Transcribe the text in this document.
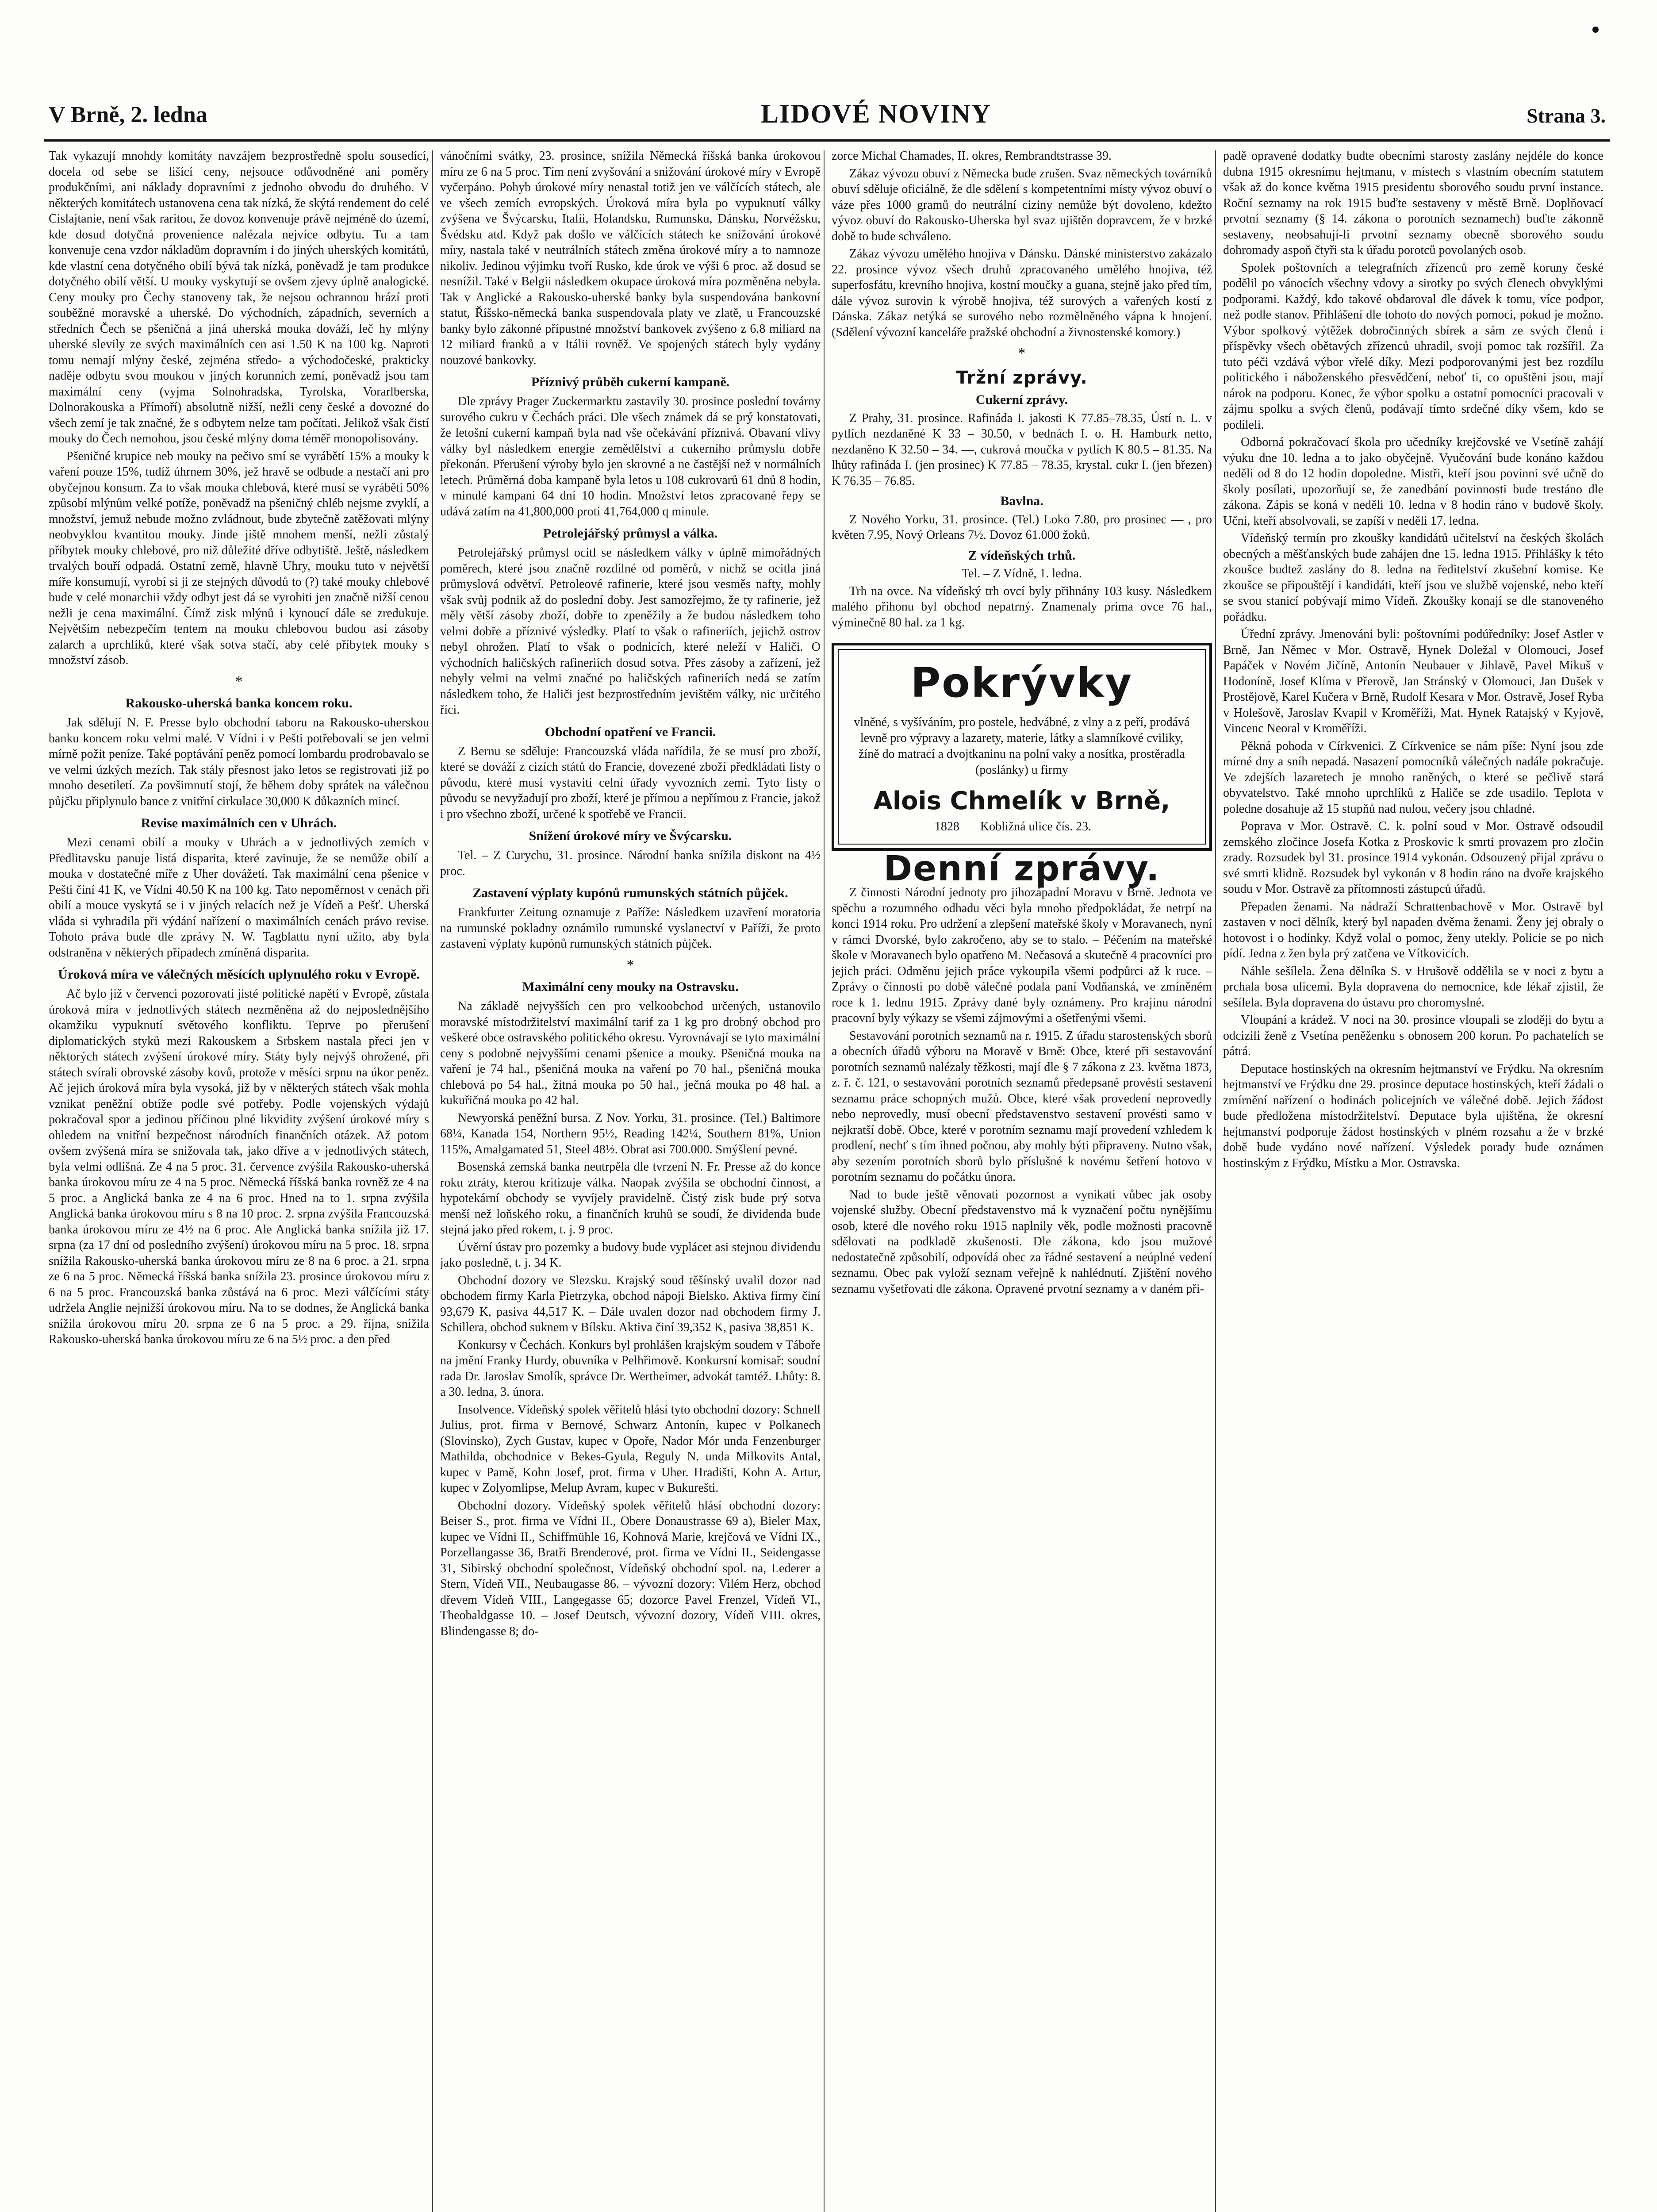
V Brně, 2. ledna	LIDOVÉ NOVINY	Strana 3.

Tak vykazují mnohdy komitáty navzájem bezprostředně spolu sousedící, docela od sebe se lišící ceny, nejsouce odůvodněné ani poměry produkčními, ani náklady dopravními z jednoho obvodu do druhého. V některých komitátech ustanovena cena tak nízká, že skýtá rendement do celé Cislajtanie, není však raritou, že dovoz konvenuje právě nejméně do území, kde dosud dotyčná provenience nalézala nejvíce odbytu. Tu a tam konvenuje cena vzdor nákladům dopravním i do jiných uherských komitátů, kde vlastní cena dotyčného obilí bývá tak nízká, poněvadž je tam produkce dotyčného obilí větší. U mouky vyskytují se ovšem zjevy úplně analogické. Ceny mouky pro Čechy stanoveny tak, že nejsou ochrannou hrází proti souběžné moravské a uherské. Do východních, západních, severních a středních Čech se pšeničná a jiná uherská mouka dováží, leč hy mlýny uherské slevily ze svých maximálních cen asi 1.50 K na 100 kg. Naproti tomu nemají mlýny české, zejména středo- a východočeské, prakticky naděje odbytu svou moukou v jiných korunních zemí, poněvadž jsou tam maximální ceny (vyjma Solnohradska, Tyrolska, Vorarlberska, Dolnorakouska a Přímoří) absolutně nižší, nežli ceny české a dovozné do všech zemí je tak značné, že s odbytem nelze tam počítati. Jelikož však čistí mouky do Čech nemohou, jsou české mlýny doma téměř monopolisovány.

Pšeničné krupice neb mouky na pečivo smí se vyrábětí 15% a mouky k vaření pouze 15%, tudíž úhrnem 30%, jež hravě se odbude a nestačí ani pro obyčejnou konsum. Za to však mouka chlebová, které musí se vyráběti 50% způsobí mlýnům velké potíže, poněvadž na pšeničný chléb nejsme zvyklí, a množství, jemuž nebude možno zvládnout, bude zbytečně zatěžovati mlýny neobvyklou kvantitou mouky. Jinde jiště mnohem menší, nežli zůstalý příbytek mouky chlebové, pro niž důležité dříve odbytiště. Ještě, následkem trvalých bouří odpadá. Ostatní země, hlavně Uhry, mouku tuto v největší míře konsumují, vyrobí si ji ze stejných důvodů to (?) také mouky chlebové bude v celé monarchii vždy odbyt jest dá se vyrobiti jen značně nižší cenou nežli je cena maximální. Čímž zisk mlýnů i kynoucí dále se zredukuje. Největším nebezpečím tentem na mouku chlebovou budou asi zásoby zalarch a uprchlíků, které však sotva stačí, aby celé příbytek mouky s množství zásob.

*
Rakousko-uherská banka koncem roku.

Jak sdělují N. F. Presse bylo obchodní taboru na Rakousko-uherskou banku koncem roku velmi malé. V Vídni i v Pešti potřebovali se jen velmi mírně požit peníze. Také poptávání peněz pomocí lombardu prodrobavalo se ve velmi úzkých mezích. Tak stály přesnost jako letos se registrovati již po mnoho desetiletí. Za povšimnutí stojí, že během doby sprátek na válečnou půjčku připlynulo bance z vnitřní cirkulace 30,000 K důkazních mincí.

Revise maximálních cen v Uhrách.

Mezi cenami obilí a mouky v Uhrách a v jednotlivých zemích v Předlitavsku panuje listá disparita, které zavinuje, že se nemůže obilí a mouka v dostatečné míře z Uher dovážetí. Tak maximální cena pšenice v Pešti činí 41 K, ve Vídni 40.50 K na 100 kg. Tato nepoměrnost v cenách při obilí a mouce vyskytá se i v jiných relacích než je Vídeň a Pešť. Uherská vláda si vyhradila při výdání nařízení o maximálních cenách právo revise. Tohoto práva bude dle zprávy N. W. Tagblattu nyní užito, aby byla odstraněna v některých případech zmíněná disparita.

Úroková míra ve válečných měsících uplynulého roku v Evropě.

Ač bylo již v červenci pozorovati jisté politické napětí v Evropě, zůstala úroková míra v jednotlivých státech nezměněna až do nejposlednějšího okamžiku vypuknutí světového konfliktu. Teprve po přerušení diplomatických styků mezi Rakouskem a Srbskem nastala přeci jen v něktorých státech zvýšení úrokové míry. Státy byly nejvýš ohrožené, při státech svírali obrovské zásoby kovů, protože v měsíci srpnu na úkor peněz. Ač jejich úroková míra byla vysoká, již by v některých státech však mohla vznikat peněžní obtíže podle své potřeby. Podle vojenských výdajů pokračoval spor a jedinou příčinou plné likvidity zvýšení úrokové míry s ohledem na vnitřní bezpečnost národních finančních otázek. Až potom ovšem zvýšená míra se snižovala tak, jako dříve a v jednotlivých státech, byla velmi odlišná. Ze 4 na 5 proc. 31. července zvýšila Rakousko-uherská banka úrokovou míru ze 4 na 5 proc. Německá říšská banka rovněž ze 4 na 5 proc. a Anglická banka ze 4 na 6 proc. Hned na to 1. srpna zvýšila Anglická banka úrokovou míru s 8 na 10 proc. 2. srpna zvýšila Francouzská banka úrokovou míru ze 4½ na 6 proc. Ale Anglická banka snížila již 17. srpna (za 17 dní od posledního zvýšení) úrokovou míru na 5 proc. 18. srpna snížila Rakousko-uherská banka úrokovou míru ze 8 na 6 proc. a 21. srpna ze 6 na 5 proc. Německá říšská banka snížila 23. prosince úrokovou míru z 6 na 5 proc. Francouzská banka zůstává na 6 proc. Mezi válčícími státy udržela Anglie nejnižší úrokovou míru. Na to se dodnes, že Anglická banka snížila úrokovou míru 20. srpna ze 6 na 5 proc. a 29. října, snížila Rakousko-uherská banka úrokovou míru ze 6 na 5½ proc. a den před

vánočními svátky, 23. prosince, snížila Německá říšská banka úrokovou míru ze 6 na 5 proc. Tím není zvyšování a snižování úrokové míry v Evropě vyčerpáno. Pohyb úrokové míry nenastal totiž jen ve válčících státech, ale ve všech zemích evropských. Úroková míra byla po vypuknutí války zvýšena ve Švýcarsku, Italii, Holandsku, Rumunsku, Dánsku, Norvéžsku, Švédsku atd. Když pak došlo ve válčících státech ke snižování úrokové míry, nastala také v neutrálních státech změna úrokové míry a to namnoze nikoliv. Jedinou výjimku tvoří Rusko, kde úrok ve výši 6 proc. až dosud se nesnížil. Také v Belgii následkem okupace úroková míra pozměněna nebyla. Tak v Anglické a Rakousko-uherské banky byla suspendována bankovní statut, Říšsko-německá banka suspendovala platy ve zlatě, u Francouzské banky bylo zákonné přípustné množství bankovek zvýšeno z 6.8 miliard na 12 miliard franků a v Itálii rovněž. Ve spojených státech byly vydány nouzové bankovky.

Příznivý průběh cukerní kampaně.

Dle zprávy Prager Zuckermarktu zastavily 30. prosince poslední továrny surového cukru v Čechách práci. Dle všech známek dá se prý konstatovati, že letošní cukerní kampaň byla nad vše očekávání příznivá. Obavaní vlivy války byl následkem energie zemědělství a cukerního průmyslu dobře překonán. Přerušení výroby bylo jen skrovné a ne častější než v normálních letech. Průměrná doba kampaně byla letos u 108 cukrovarů 61 dnů 8 hodin, v minulé kampani 64 dní 10 hodin. Množství letos zpracované řepy se udává zatím na 41,800,000 proti 41,764,000 q minule.

Petrolejářský průmysl a válka.

Petrolejářský průmysl ocitl se následkem války v úplně mimořádných poměrech, které jsou značně rozdílné od poměrů, v nichž se ocitla jiná průmyslová odvětví. Petroleové rafinerie, které jsou vesměs nafty, mohly však svůj podnik až do poslední doby. Jest samozřejmo, že ty rafinerie, jež měly větší zásoby zboží, dobře to zpeněžily a že budou následkem toho velmi dobře a příznivé výsledky. Platí to však o rafineriích, jejichž ostrov nebyl ohrožen. Platí to však o podnicích, které neleží v Haliči. O východních haličských rafineriích dosud sotva. Přes zásoby a zařízení, jež nebyly velmi na velmi značné po haličských rafineriích nedá se zatím následkem toho, že Haliči jest bezprostředním jevištěm války, nic určitého říci.

Obchodní opatření ve Francii.

Z Bernu se sděluje: Francouzská vláda nařídila, že se musí pro zboží, které se dováží z cizích států do Francie, dovezené zboží předkládati listy o původu, které musí vystaviti celní úřady vyvozních zemí. Tyto listy o původu se nevyžadují pro zboží, které je přímou a nepřímou z Francie, jakož i pro všechno zboží, určené k spotřebě ve Francii.

Snížení úrokové míry ve Švýcarsku.

Tel. – Z Curychu, 31. prosince. Národní banka snížila diskont na 4½ proc.

Zastavení výplaty kupónů rumunských státních půjček.

Frankfurter Zeitung oznamuje z Paříže: Následkem uzavření moratoria na rumunské pokladny oznámilo rumunské vyslanectví v Paříži, že proto zastavení výplaty kupónů rumunských státních půjček.

*
Maximální ceny mouky na Ostravsku.

Na základě nejvyšších cen pro velkoobchod určených, ustanovilo moravské místodržitelství maximální tarif za 1 kg pro drobný obchod pro veškeré obce ostravského politického okresu. Vyrovnávají se tyto maximální ceny s podobně nejvyššími cenami pšenice a mouky. Pšeničná mouka na vaření je 74 hal., pšeničná mouka na vaření po 70 hal., pšeničná mouka chlebová po 54 hal., žitná mouka po 50 hal., ječná mouka po 48 hal. a kukuřičná mouka po 42 hal.

Newyorská peněžní bursa. Z Nov. Yorku, 31. prosince. (Tel.) Baltimore 68¼, Kanada 154, Northern 95½, Reading 142¼, Southern 81%, Union 115%, Amalgamated 51, Steel 48½. Obrat asi 700.000. Smýšlení pevné.

Bosenská zemská banka neutrpěla dle tvrzení N. Fr. Presse až do konce roku ztráty, kterou kritizuje válka. Naopak zvýšila se obchodní činnost, a hypotekární obchody se vyvíjely pravidelně. Čistý zisk bude prý sotva menší než loňského roku, a finančních kruhů se soudí, že dividenda bude stejná jako před rokem, t. j. 9 proc.

Úvěrní ústav pro pozemky a budovy bude vyplácet asi stejnou dividendu jako posledně, t. j. 34 K.

Obchodní dozory ve Slezsku. Krajský soud těšínský uvalil dozor nad obchodem firmy Karla Pietrzyka, obchod nápoji Bielsko. Aktiva firmy činí 93,679 K, pasiva 44,517 K. – Dále uvalen dozor nad obchodem firmy J. Schillera, obchod suknem v Bílsku. Aktiva činí 39,352 K, pasiva 38,851 K.

Konkursy v Čechách. Konkurs byl prohlášen krajským soudem v Táboře na jmění Franky Hurdy, obuvníka v Pelhřimově. Konkursní komisař: soudní rada Dr. Jaroslav Smolík, správce Dr. Wertheimer, advokát tamtéž. Lhůty: 8. a 30. ledna, 3. února.

Insolvence. Vídeňský spolek věřitelů hlásí tyto obchodní dozory: Schnell Julius, prot. firma v Bernové, Schwarz Antonín, kupec v Polkanech (Slovinsko), Zych Gustav, kupec v Opoře, Nador Mór unda Fenzenburger Mathilda, obchodnice v Bekes-Gyula, Reguly N. unda Milkovits Antal, kupec v Pamě, Kohn Josef, prot. firma v Uher. Hradišti, Kohn A. Artur, kupec v Zolyomlipse, Melup Avram, kupec v Bukurešti.

Obchodní dozory. Vídeňský spolek věřitelů hlásí obchodní dozory: Beiser S., prot. firma ve Vídni II., Obere Donaustrasse 69 a), Bieler Max, kupec ve Vídni II., Schiffmühle 16, Kohnová Marie, krejčová ve Vídni IX., Porzellangasse 36, Bratři Brenderové, prot. firma ve Vídni II., Seidengasse 31, Sibirský obchodní společnost, Vídeňský obchodní spol. na, Lederer a Stern, Vídeň VII., Neubaugasse 86. – vývozní dozory: Vilém Herz, obchod dřevem Vídeň VIII., Langegasse 65; dozorce Pavel Frenzel, Vídeň VI., Theobaldgasse 10. – Josef Deutsch, vývozní dozory, Vídeň VIII. okres, Blindengasse 8; do-

zorce Michal Chamades, II. okres, Rembrandtstrasse 39.

Zákaz vývozu obuví z Německa bude zrušen. Svaz německých továrníků obuví sděluje oficiálně, že dle sdělení s kompetentními místy vývoz obuví o váze přes 1000 gramů do neutrální ciziny nemůže být dovoleno, kdežto vývoz obuví do Rakousko-Uherska byl svaz ujištěn dopravcem, že v brzké době to bude schváleno.

Zákaz vývozu umělého hnojiva v Dánsku. Dánské ministerstvo zakázalo 22. prosince vývoz všech druhů zpracovaného umělého hnojiva, též superfosfátu, krevního hnojiva, kostní moučky a guana, stejně jako před tím, dále vývoz surovin k výrobě hnojiva, též surových a vařených kostí z Dánska. Zákaz netýká se surového nebo rozmělněného vápna k hnojení. (Sdělení vývozní kanceláře pražské obchodní a živnostenské komory.)

*
Tržní zprávy.
Cukerní zprávy.

Z Prahy, 31. prosince. Rafináda I. jakosti K 77.85–78.35, Ústí n. L. v pytlích nezdaněné K 33 – 30.50, v bednách I. o. H. Hamburk netto, nezdaněno K 32.50 – 34. —, cukrová moučka v pytlích K 80.5 – 81.35. Na lhůty rafináda I. (jen prosinec) K 77.85 – 78.35, krystal. cukr I. (jen březen) K 76.35 – 76.85.

Bavlna.

Z Nového Yorku, 31. prosince. (Tel.) Loko 7.80, pro prosinec — , pro květen 7.95, Nový Orleans 7½. Dovoz 61.000 žoků.

Z vídeňských trhů.

Tel. – Z Vídně, 1. ledna.

Trh na ovce. Na vídeňský trh ovcí byly přihnány 103 kusy. Následkem malého přihonu byl obchod nepatrný. Znamenaly prima ovce 76 hal., výminečně 80 hal. za 1 kg.

Pokrývky
vlněné, s vyšíváním, pro postele, hedvábné, z vlny a z peří, prodává levně pro výpravy a lazarety, materie, látky a slamníkové cviliky, žíně do matrací a dvojtkaninu na polní vaky a nosítka, prostěradla (poslánky) u firmy
Alois Chmelík v Brně,
1828 Kobližná ulice čís. 23.
Denní zprávy.

Z činnosti Národní jednoty pro jihozápadní Moravu v Brně. Jednota ve spěchu a rozumného odhadu věci byla mnoho předpokládat, že netrpí na konci 1914 roku. Pro udržení a zlepšení mateřské školy v Moravanech, nyní v rámci Dvorské, bylo zakročeno, aby se to stalo. – Péčením na mateřské škole v Moravanech bylo opatřeno M. Nečasová a skutečně 4 pracovníci pro jejich práci. Odměnu jejich práce vykoupila všemi podpůrci až k ruce. – Zprávy o činnosti po době válečné podala paní Vodňanská, ve zmíněném roce k 1. lednu 1915. Zprávy dané byly oznámeny. Pro krajinu národní pracovní byly výkazy se všemi zájmovými a ošetřenými všemi.

Sestavování porotních seznamů na r. 1915. Z úřadu starostenských sborů a obecních úřadů výboru na Moravě v Brně: Obce, které při sestavování porotních seznamů nalézaly těžkosti, mají dle § 7 zákona z 23. května 1873, z. ř. č. 121, o sestavování porotních seznamů předepsané provésti sestavení seznamu práce schopných mužů. Obce, které však provedení neprovedly nebo neprovedly, musí obecní představenstvo sestavení provésti samo v nejkratší době. Obce, které v porotním seznamu mají provedení vzhledem k prodlení, nechť s tím ihned počnou, aby mohly býti připraveny. Nutno však, aby sezením porotních sborů bylo příslušné k novému šetření hotovo v porotním seznamu do počátku února.

Nad to bude ještě věnovati pozornost a vynikati vůbec jak osoby vojenské služby. Obecní představenstvo má k vyznačení počtu nynějšímu osob, které dle nového roku 1915 naplnily věk, podle možnosti pracovně sdělovati na podkladě zkušenosti. Dle zákona, kdo jsou mužové nedostatečně způsobilí, odpovídá obec za řádné sestavení a neúplné vedení seznamu. Obec pak vyloží seznam veřejně k nahlédnutí. Zjištění nového seznamu vyšetřovati dle zákona. Opravené prvotní seznamy a v daném při-

padě opravené dodatky budte obecními starosty zaslány nejdéle do konce dubna 1915 okresnímu hejtmanu, v místech s vlastním obecním statutem však až do konce května 1915 presidentu sborového soudu první instance. Roční seznamy na rok 1915 buďte sestaveny v městě Brně. Doplňovací prvotní seznamy (§ 14. zákona o porotních seznamech) buďte zákonně sestaveny, neobsahují-li prvotní seznamy obecně sborového soudu dohromady aspoň čtyři sta k úřadu porotců povolaných osob.

Spolek poštovních a telegrafních zřízenců pro země koruny české podělil po vánocích všechny vdovy a sirotky po svých členech obvyklými podporami. Každý, kdo takové obdaroval dle dávek k tomu, více podpor, než podle stanov. Přihlášení dle tohoto do nových pomocí, pokud je možno. Výbor spolkový výtěžek dobročinných sbírek a sám ze svých členů i příspěvky všech obětavých zřízenců uhradil, svoji pomoc tak rozšířil. Za tuto péči vzdává výbor vřelé díky. Mezi podporovanými jest bez rozdílu politického i náboženského přesvědčení, neboť ti, co opuštěni jsou, mají nárok na podporu. Konec, že výbor spolku a ostatní pomocníci pracovali v zájmu spolku a svých členů, podávají tímto srdečné díky všem, kdo se podíleli.

Odborná pokračovací škola pro učedníky krejčovské ve Vsetíně zahájí výuku dne 10. ledna a to jako obyčejně. Vyučování bude konáno každou neděli od 8 do 12 hodin dopoledne. Mistři, kteří jsou povinni své učně do školy posílati, upozorňují se, že zanedbání povinnosti bude trestáno dle zákona. Zápis se koná v neděli 10. ledna v 8 hodin ráno v budově školy. Učni, kteří absolvovali, se zapíší v neděli 17. ledna.

Vídeňský termín pro zkoušky kandidátů učitelství na českých školách obecných a měšťanských bude zahájen dne 15. ledna 1915. Přihlášky k této zkoušce budtež zaslány do 8. ledna na ředitelství zkušební komise. Ke zkoušce se připouštějí i kandidáti, kteří jsou ve službě vojenské, nebo kteří se svou stanicí pobývají mimo Vídeň. Zkoušky konají se dle stanoveného pořádku.

Úřední zprávy. Jmenováni byli: poštovními podúředníky: Josef Astler v Brně, Jan Němec v Mor. Ostravě, Hynek Doležal v Olomouci, Josef Papáček v Novém Jičíně, Antonín Neubauer v Jihlavě, Pavel Mikuš v Hodoníně, Josef Klíma v Přerově, Jan Stránský v Olomouci, Jan Dušek v Prostějově, Karel Kučera v Brně, Rudolf Kesara v Mor. Ostravě, Josef Ryba v Holešově, Jaroslav Kvapil v Kroměříži, Mat. Hynek Ratajský v Kyjově, Vincenc Neoral v Kroměříži.

Pěkná pohoda v Církvenici. Z Církvenice se nám píše: Nyní jsou zde mírné dny a sníh nepadá. Nasazení pomocníků válečných nadále pokračuje. Ve zdejších lazaretech je mnoho raněných, o které se pečlivě stará obyvatelstvo. Také mnoho uprchlíků z Haliče se zde usadilo. Teplota v poledne dosahuje až 15 stupňů nad nulou, večery jsou chladné.

Poprava v Mor. Ostravě. C. k. polní soud v Mor. Ostravě odsoudil zemského zločince Josefa Kotka z Proskovic k smrti provazem pro zločin zrady. Rozsudek byl 31. prosince 1914 vykonán. Odsouzený přijal zprávu o své smrti klidně. Rozsudek byl vykonán v 8 hodin ráno na dvoře krajského soudu v Mor. Ostravě za přítomnosti zástupců úřadů.

Přepaden ženami. Na nádraží Schrattenbachově v Mor. Ostravě byl zastaven v noci dělník, který byl napaden dvěma ženami. Ženy jej obraly o hotovost i o hodinky. Když volal o pomoc, ženy utekly. Policie se po nich pídí. Jedna z žen byla prý zatčena ve Vítkovicích.

Náhle sešílela. Žena dělníka S. v Hrušově oddělila se v noci z bytu a prchala bosa ulicemi. Byla dopravena do nemocnice, kde lékař zjistil, že sešílela. Byla dopravena do ústavu pro choromyslné.

Vloupání a krádež. V noci na 30. prosince vloupali se zloději do bytu a odcizili ženě z Vsetína peněženku s obnosem 200 korun. Po pachatelích se pátrá.

Deputace hostinských na okresním hejtmanství ve Frýdku. Na okresním hejtmanství ve Frýdku dne 29. prosince deputace hostinských, kteří žádali o zmírnění nařízení o hodinách policejních ve válečné době. Jejich žádost bude předložena místodržitelství. Deputace byla ujištěna, že okresní hejtmanství podporuje žádost hostinských v plném rozsahu a že v brzké době bude vydáno nové nařízení. Výsledek porady bude oznámen hostinským z Frýdku, Místku a Mor. Ostravska.
